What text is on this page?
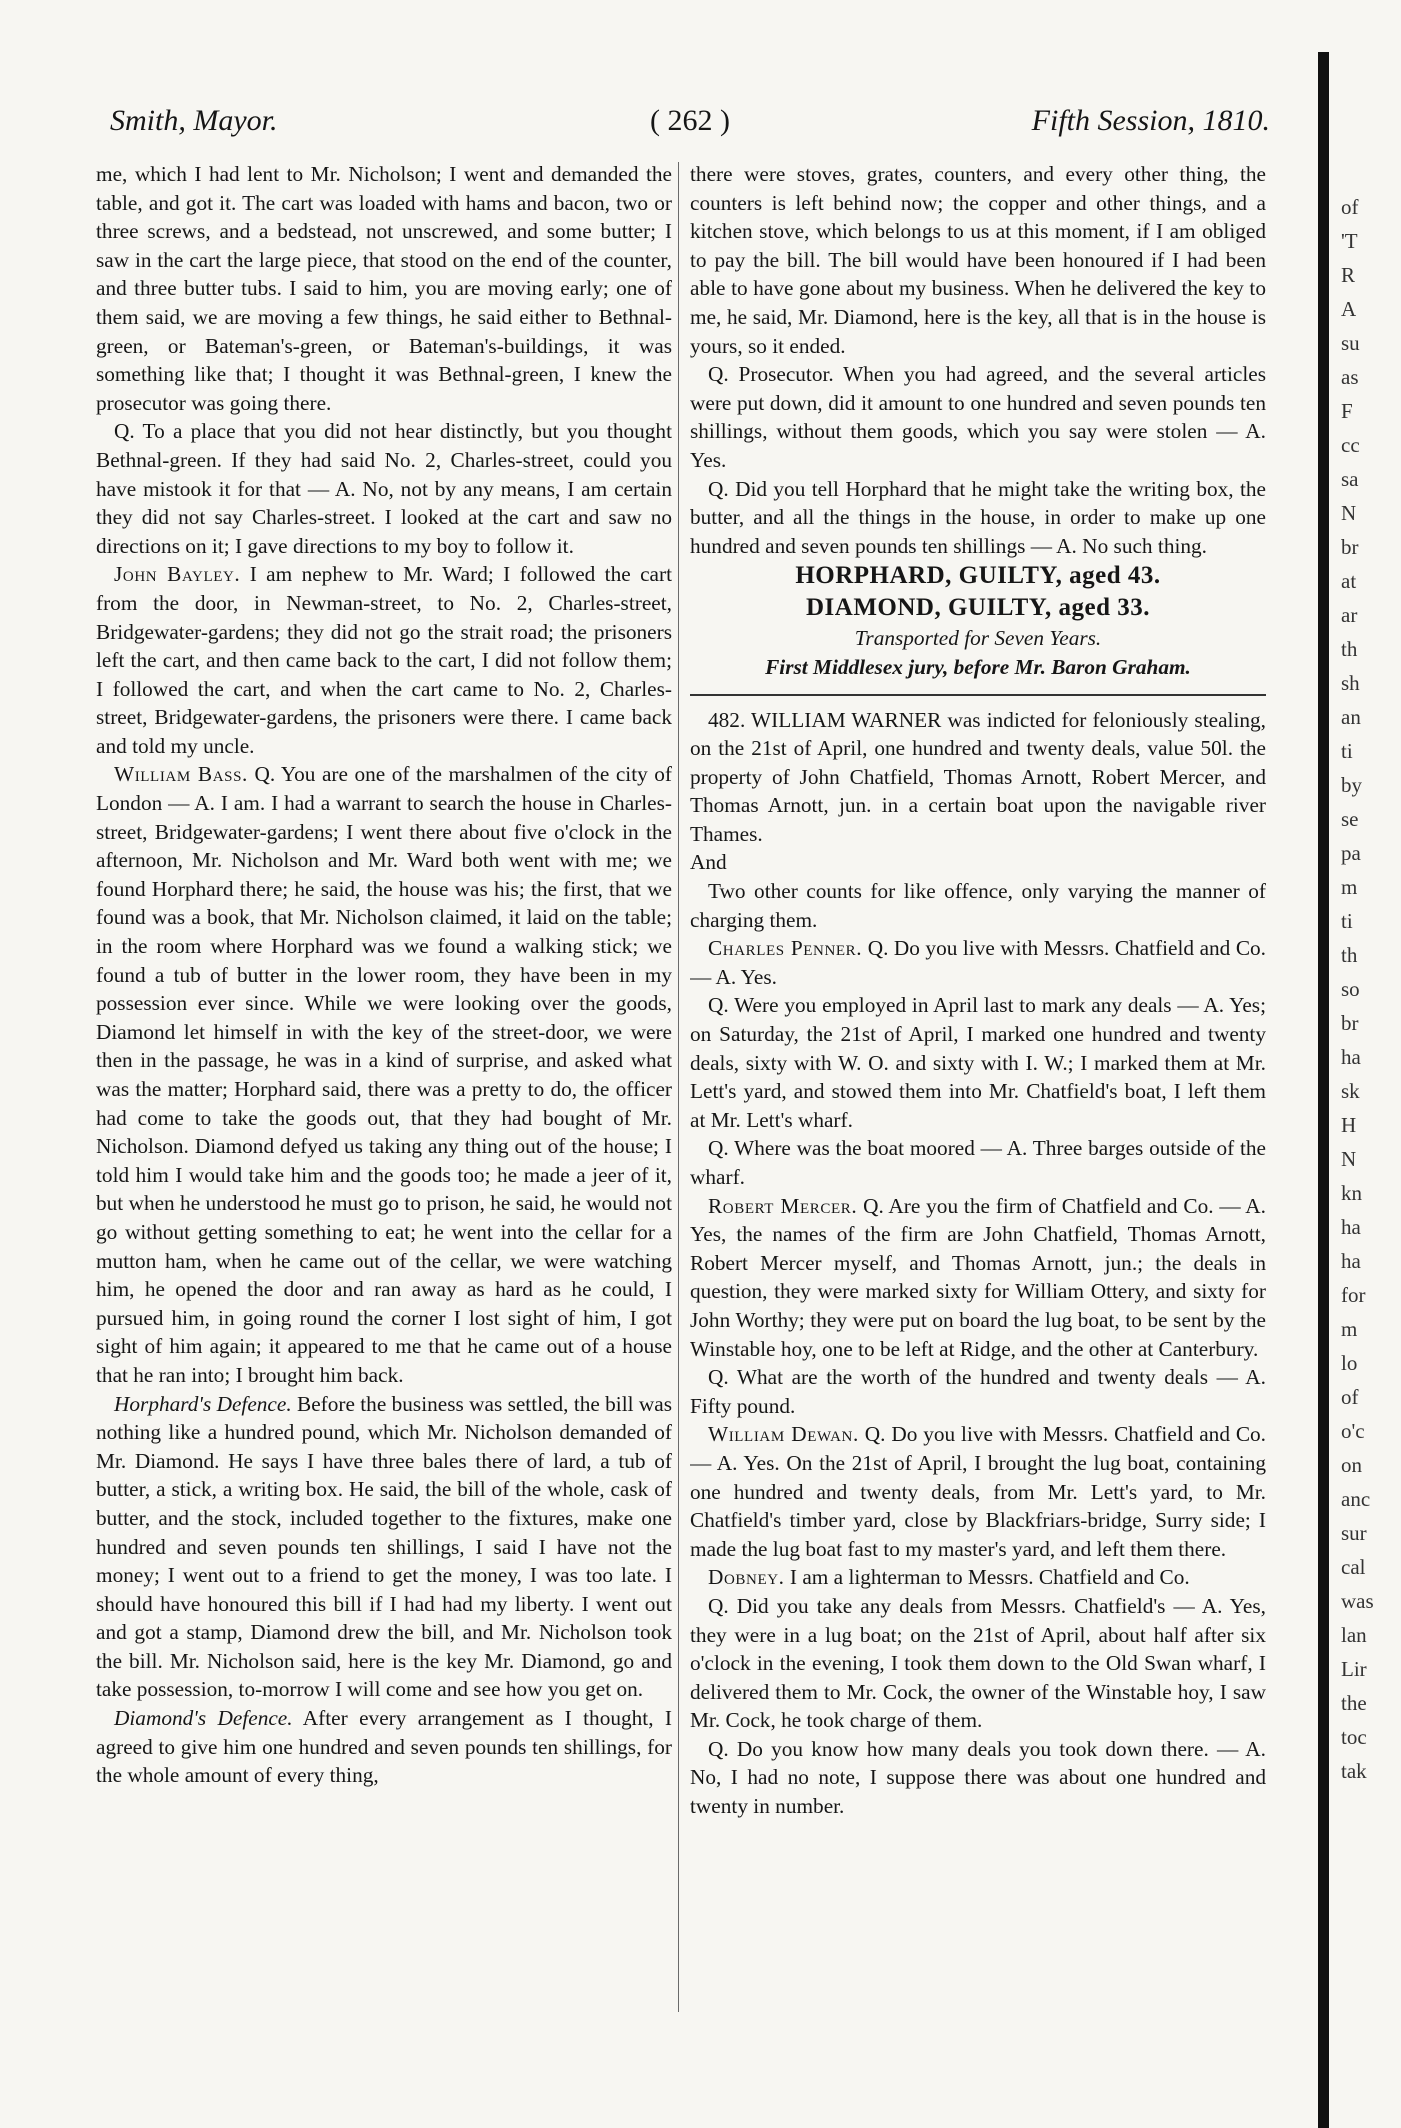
Smith, Mayor.	( 262 )	Fifth Session, 1810.

me, which I had lent to Mr. Nicholson; I went and demanded the table, and got it. The cart was loaded with hams and bacon, two or three screws, and a bedstead, not unscrewed, and some butter; I saw in the cart the large piece, that stood on the end of the counter, and three butter tubs. I said to him, you are moving early; one of them said, we are moving a few things, he said either to Bethnal-green, or Bateman's-green, or Bateman's-buildings, it was something like that; I thought it was Bethnal-green, I knew the prosecutor was going there.

Q. To a place that you did not hear distinctly, but you thought Bethnal-green. If they had said No. 2, Charles-street, could you have mistook it for that — A. No, not by any means, I am certain they did not say Charles-street. I looked at the cart and saw no directions on it; I gave directions to my boy to follow it.

John Bayley. I am nephew to Mr. Ward; I followed the cart from the door, in Newman-street, to No. 2, Charles-street, Bridgewater-gardens; they did not go the strait road; the prisoners left the cart, and then came back to the cart, I did not follow them; I followed the cart, and when the cart came to No. 2, Charles-street, Bridgewater-gardens, the prisoners were there. I came back and told my uncle.

William Bass. Q. You are one of the marshalmen of the city of London — A. I am. I had a warrant to search the house in Charles-street, Bridgewater-gardens; I went there about five o'clock in the afternoon, Mr. Nicholson and Mr. Ward both went with me; we found Horphard there; he said, the house was his; the first, that we found was a book, that Mr. Nicholson claimed, it laid on the table; in the room where Horphard was we found a walking stick; we found a tub of butter in the lower room, they have been in my possession ever since. While we were looking over the goods, Diamond let himself in with the key of the street-door, we were then in the passage, he was in a kind of surprise, and asked what was the matter; Horphard said, there was a pretty to do, the officer had come to take the goods out, that they had bought of Mr. Nicholson. Diamond defyed us taking any thing out of the house; I told him I would take him and the goods too; he made a jeer of it, but when he understood he must go to prison, he said, he would not go without getting something to eat; he went into the cellar for a mutton ham, when he came out of the cellar, we were watching him, he opened the door and ran away as hard as he could, I pursued him, in going round the corner I lost sight of him, I got sight of him again; it appeared to me that he came out of a house that he ran into; I brought him back.

Horphard's Defence. Before the business was settled, the bill was nothing like a hundred pound, which Mr. Nicholson demanded of Mr. Diamond. He says I have three bales there of lard, a tub of butter, a stick, a writing box. He said, the bill of the whole, cask of butter, and the stock, included together to the fixtures, make one hundred and seven pounds ten shillings, I said I have not the money; I went out to a friend to get the money, I was too late. I should have honoured this bill if I had had my liberty. I went out and got a stamp, Diamond drew the bill, and Mr. Nicholson took the bill. Mr. Nicholson said, here is the key Mr. Diamond, go and take possession, to-morrow I will come and see how you get on.

Diamond's Defence. After every arrangement as I thought, I agreed to give him one hundred and seven pounds ten shillings, for the whole amount of every thing,

there were stoves, grates, counters, and every other thing, the counters is left behind now; the copper and other things, and a kitchen stove, which belongs to us at this moment, if I am obliged to pay the bill. The bill would have been honoured if I had been able to have gone about my business. When he delivered the key to me, he said, Mr. Diamond, here is the key, all that is in the house is yours, so it ended.

Q. Prosecutor. When you had agreed, and the several articles were put down, did it amount to one hundred and seven pounds ten shillings, without them goods, which you say were stolen — A. Yes.

Q. Did you tell Horphard that he might take the writing box, the butter, and all the things in the house, in order to make up one hundred and seven pounds ten shillings — A. No such thing.

HORPHARD, GUILTY, aged 43.

DIAMOND, GUILTY, aged 33.

Transported for Seven Years.

First Middlesex jury, before Mr. Baron Graham.

482. WILLIAM WARNER was indicted for feloniously stealing, on the 21st of April, one hundred and twenty deals, value 50l. the property of John Chatfield, Thomas Arnott, Robert Mercer, and Thomas Arnott, jun. in a certain boat upon the navigable river Thames.

And

Two other counts for like offence, only varying the manner of charging them.

Charles Penner. Q. Do you live with Messrs. Chatfield and Co. — A. Yes.

Q. Were you employed in April last to mark any deals — A. Yes; on Saturday, the 21st of April, I marked one hundred and twenty deals, sixty with W. O. and sixty with I. W.; I marked them at Mr. Lett's yard, and stowed them into Mr. Chatfield's boat, I left them at Mr. Lett's wharf.

Q. Where was the boat moored — A. Three barges outside of the wharf.

Robert Mercer. Q. Are you the firm of Chatfield and Co. — A. Yes, the names of the firm are John Chatfield, Thomas Arnott, Robert Mercer myself, and Thomas Arnott, jun.; the deals in question, they were marked sixty for William Ottery, and sixty for John Worthy; they were put on board the lug boat, to be sent by the Winstable hoy, one to be left at Ridge, and the other at Canterbury.

Q. What are the worth of the hundred and twenty deals — A. Fifty pound.

William Dewan. Q. Do you live with Messrs. Chatfield and Co. — A. Yes. On the 21st of April, I brought the lug boat, containing one hundred and twenty deals, from Mr. Lett's yard, to Mr. Chatfield's timber yard, close by Blackfriars-bridge, Surry side; I made the lug boat fast to my master's yard, and left them there.

Dobney. I am a lighterman to Messrs. Chatfield and Co.

Q. Did you take any deals from Messrs. Chatfield's — A. Yes, they were in a lug boat; on the 21st of April, about half after six o'clock in the evening, I took them down to the Old Swan wharf, I delivered them to Mr. Cock, the owner of the Winstable hoy, I saw Mr. Cock, he took charge of them.

Q. Do you know how many deals you took down there. — A. No, I had no note, I suppose there was about one hundred and twenty in number.

of
'T
R
A
su
as
F
cc
sa
N
br
at
ar
th
sh
an
ti
by
se
pa
m
ti
th
so
br
ha
sk
H
N
kn
ha
ha
for
m
lo
of
o'c
on
anc
sur
cal
was
lan
Lir
the
toc
tak
